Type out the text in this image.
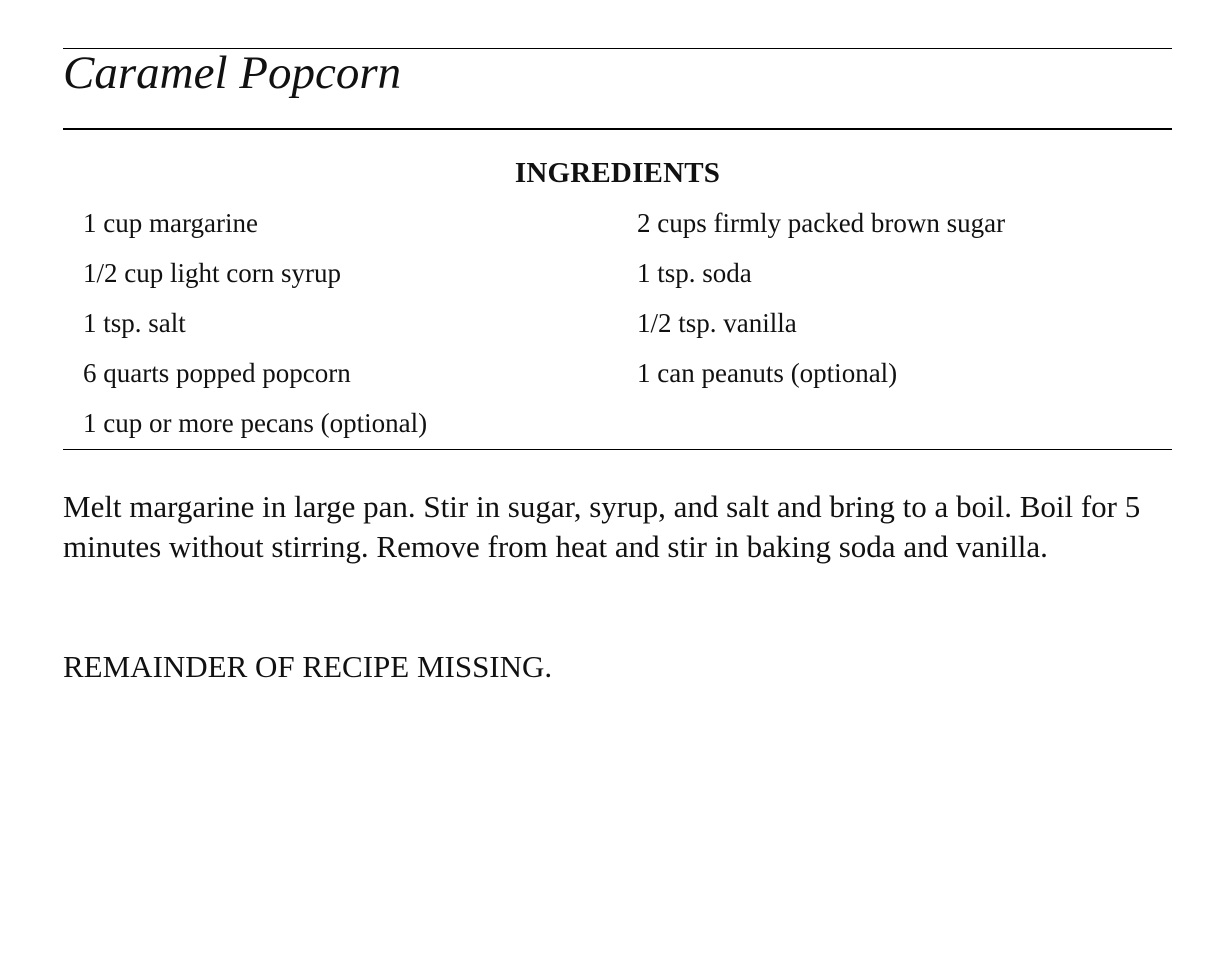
Caramel Popcorn
INGREDIENTS
1 cup margarine	2 cups firmly packed brown sugar
1/2 cup light corn syrup	1 tsp. soda
1 tsp. salt	1/2 tsp. vanilla
6 quarts popped popcorn	1 can peanuts (optional)
1 cup or more pecans (optional)

Melt margarine in large pan. Stir in sugar, syrup, and salt and bring to a boil. Boil for 5 minutes without stirring. Remove from heat and stir in baking soda and vanilla.

REMAINDER OF RECIPE MISSING.
